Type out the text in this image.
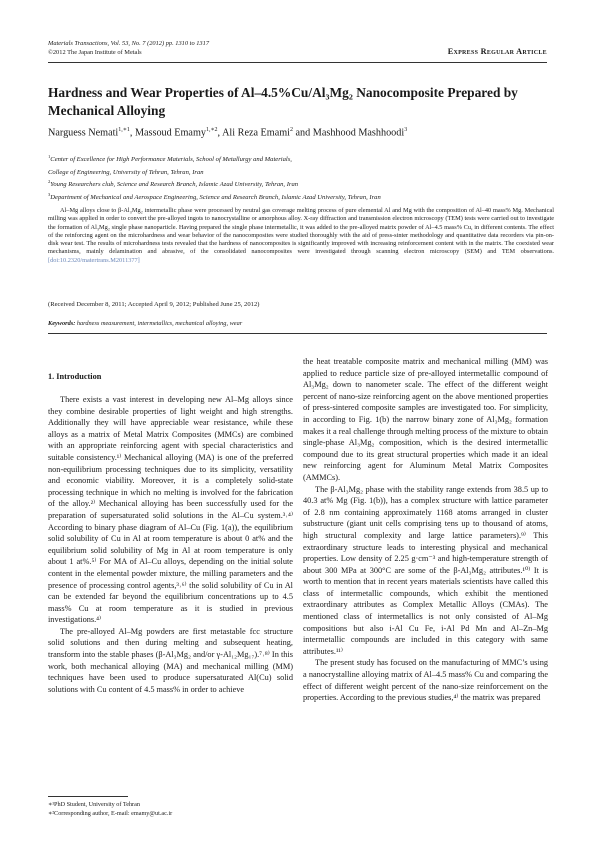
Materials Transactions, Vol. 53, No. 7 (2012) pp. 1310 to 1317
©2012 The Japan Institute of Metals	Express Regular Article
Hardness and Wear Properties of Al–4.5%Cu/Al₃Mg₂ Nanocomposite Prepared by Mechanical Alloying
Narguess Nemati$^{1,∗1}$, Massoud Emamy$^{1,∗2}$, Ali Reza Emami$^2$ and Mashhood Mashhoodi$^3$
$^1$Center of Excellence for High Performance Materials, School of Metallurgy and Materials,
College of Engineering, University of Tehran, Tehran, Iran
$^2$Young Researchers club, Science and Research Branch, Islamic Azad University, Tehran, Iran
$^3$Department of Mechanical and Aerospace Engineering, Science and Research Branch, Islamic Azad University, Tehran, Iran
Al–Mg alloys close to β-Al₃Mg₂ intermetallic phase were processed by neutral gas coverage melting process of pure elemental Al and Mg with the composition of Al–40 mass% Mg. Mechanical milling was applied in order to convert the pre-alloyed ingots to nanocrystalline or amorphous alloy. X-ray diffraction and transmission electron microscopy (TEM) tests were carried out to investigate the formation of Al₃Mg₂ single phase nanoparticle. Having prepared the single phase intermetallic, it was added to the pre-alloyed matrix powder of Al–4.5 mass% Cu, in different contents. The effect of the reinforcing agent on the microhardness and wear behavior of the nanocomposites were studied thoroughly with the aid of press-sinter methodology and quantitative data recorders via pin-on-disk wear test. The results of microhardness tests revealed that the hardness of nanocomposites is significantly improved with increasing reinforcement content with in the matrix. The coexisted wear mechanisms, mainly delamination and abrasive, of the consolidated nanocomposites were investigated through scanning electron microscopy (SEM) and TEM observations. [doi:10.2320/matertrans.M2011377]
(Received December 8, 2011; Accepted April 9, 2012; Published June 25, 2012)
Keywords: hardness measurement, intermetallics, mechanical alloying, wear
1. Introduction

There exists a vast interest in developing new Al–Mg alloys since they combine desirable properties of light weight and high strengths. Additionally they will have appreciable wear resistance, while these alloys as a matrix of Metal Matrix Composites (MMCs) are combined with an appropriate reinforcing agent with special characteristics and suitable consistency.¹⁾ Mechanical alloying (MA) is one of the preferred non-equilibrium processing techniques due to its simplicity, versatility and economic viability. Moreover, it is a completely solid-state processing technique in which no melting is involved for the fabrication of the alloy.²⁾ Mechanical alloying has been successfully used for the preparation of supersaturated solid solutions in the Al–Cu system.³˒⁴⁾ According to binary phase diagram of Al–Cu (Fig. 1(a)), the equilibrium solid solubility of Cu in Al at room temperature is about 0 at% and the equilibrium solid solubility of Mg in Al at room temperature is only about 1 at%.⁵⁾ For MA of Al–Cu alloys, depending on the initial solute content in the elemental powder mixture, the milling parameters and the presence of processing control agents,³˒⁶⁾ the solid solubility of Cu in Al can be extended far beyond the equilibrium concentrations up to 4.5 mass% Cu at room temperature as it is studied in previous investigations.⁴⁾

The pre-alloyed Al–Mg powders are first metastable fcc structure solid solutions and then during melting and subsequent heating, transform into the stable phases (β-Al₃Mg₂ and/or γ-Al₁₂Mg₁₇).⁷˒⁸⁾ In this work, both mechanical alloying (MA) and mechanical milling (MM) techniques have been used to produce supersaturated Al(Cu) solid solutions with Cu content of 4.5 mass% in order to achieve

the heat treatable composite matrix and mechanical milling (MM) was applied to reduce particle size of pre-alloyed intermetallic compound of Al₃Mg₂ down to nanometer scale. The effect of the different weight percent of nano-size reinforcing agent on the above mentioned properties of press-sintered composite samples are investigated too. For simplicity, in according to Fig. 1(b) the narrow binary zone of Al₃Mg₂ formation makes it a real challenge through melting process of the mixture to obtain single-phase Al₃Mg₂ composition, which is the desired intermetallic compound due to its great structural properties which made it an ideal new reinforcing agent for Aluminum Metal Matrix Composites (AMMCs).

The β-Al₃Mg₂ phase with the stability range extends from 38.5 up to 40.3 at% Mg (Fig. 1(b)), has a complex structure with lattice parameter of 2.8 nm containing approximately 1168 atoms arranged in cluster substructure (giant unit cells comprising tens up to thousand of atoms, high structural complexity and large lattice parameters).⁹⁾ This extraordinary structure leads to interesting physical and mechanical properties. Low density of 2.25 g·cm⁻³ and high-temperature strength of about 300 MPa at 300°C are some of the β-Al₃Mg₂ attributes.¹⁰⁾ It is worth to mention that in recent years materials scientists have called this class of intermetallic compounds, which exhibit the mentioned extraordinary attributes as Complex Metallic Alloys (CMAs). The mentioned class of intermetallics is not only consisted of Al–Mg compositions but also i-Al Cu Fe, i-Al Pd Mn and Al–Zn–Mg intermetallic compounds are included in this category with same attributes.¹¹⁾

The present study has focused on the manufacturing of MMC’s using a nanocrystalline alloying matrix of Al–4.5 mass% Cu and comparing the effect of different weight percent of the nano-size reinforcement on the properties. According to the previous studies,⁴⁾ the matrix was prepared

∗¹PhD Student, University of Tehran
∗²Corresponding author, E-mail: emamy@ut.ac.ir
